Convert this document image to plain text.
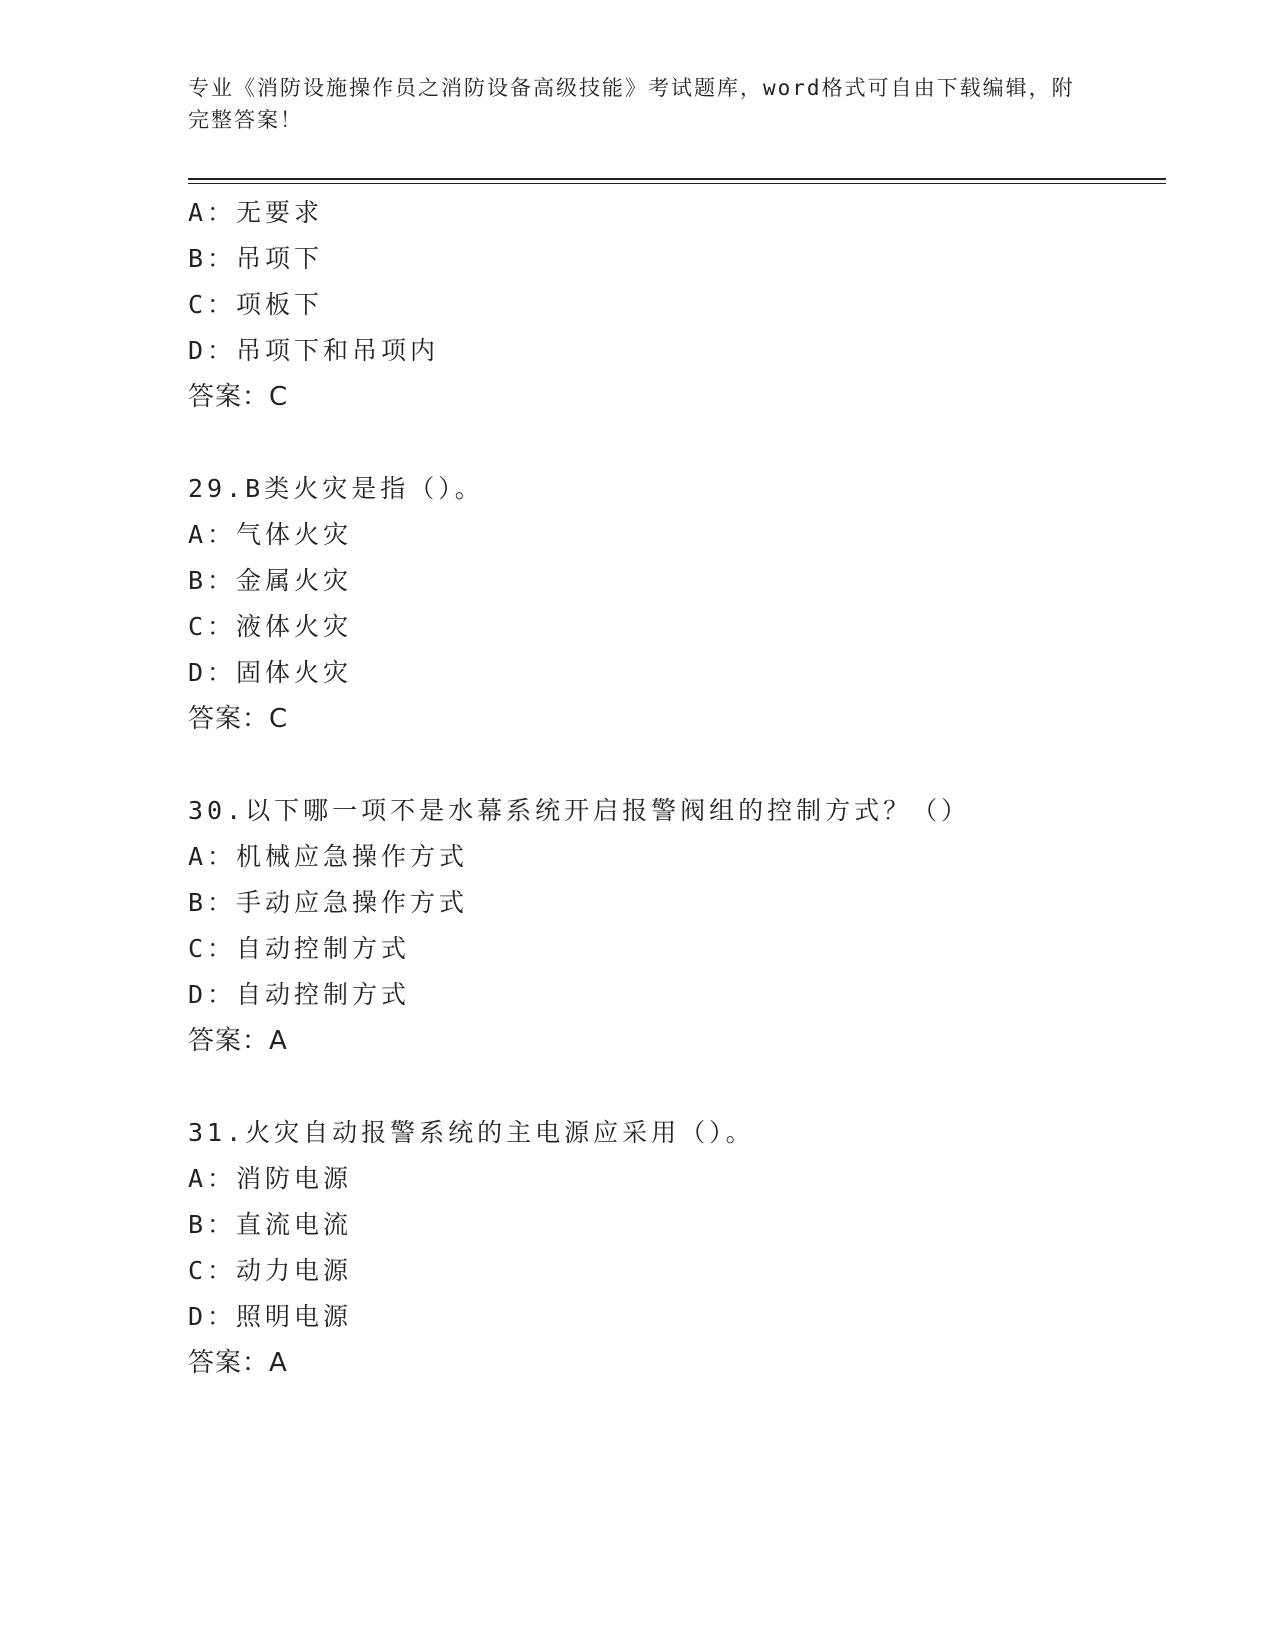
专业《消防设施操作员之消防设备高级技能》考试题库，word格式可自由下载编辑，附完整答案！
A：无要求
B：吊项下
C：项板下
D：吊项下和吊项内
答案：C
29.B类火灾是指（）。
A：气体火灾
B：金属火灾
C：液体火灾
D：固体火灾
答案：C
30.以下哪一项不是水幕系统开启报警阀组的控制方式？（）
A：机械应急操作方式
B：手动应急操作方式
C：自动控制方式
D：自动控制方式
答案：A
31.火灾自动报警系统的主电源应采用（）。
A：消防电源
B：直流电流
C：动力电源
D：照明电源
答案：A
